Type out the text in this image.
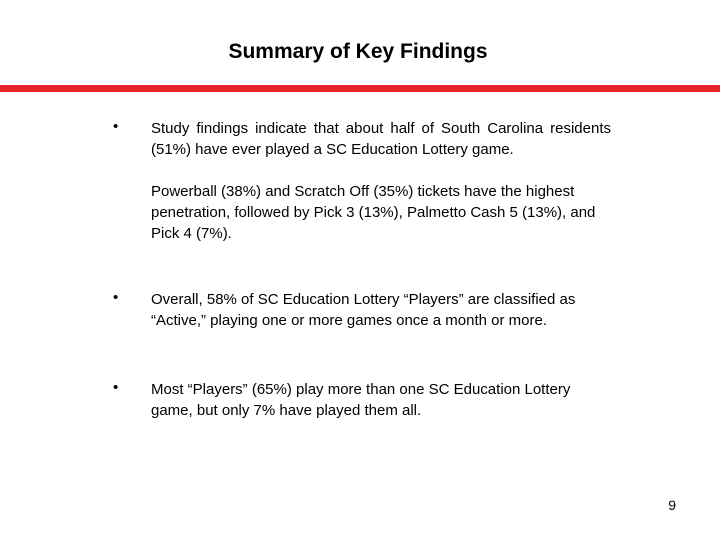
Summary of Key Findings
• Study findings indicate that about half of South Carolina residents (51%) have ever played a SC Education Lottery game.

Powerball (38%) and Scratch Off (35%) tickets have the highest penetration, followed by Pick 3 (13%), Palmetto Cash 5 (13%), and Pick 4 (7%).

• Overall, 58% of SC Education Lottery “Players” are classified as “Active,” playing one or more games once a month or more.

• Most “Players” (65%) play more than one SC Education Lottery game, but only 7% have played them all.

9
